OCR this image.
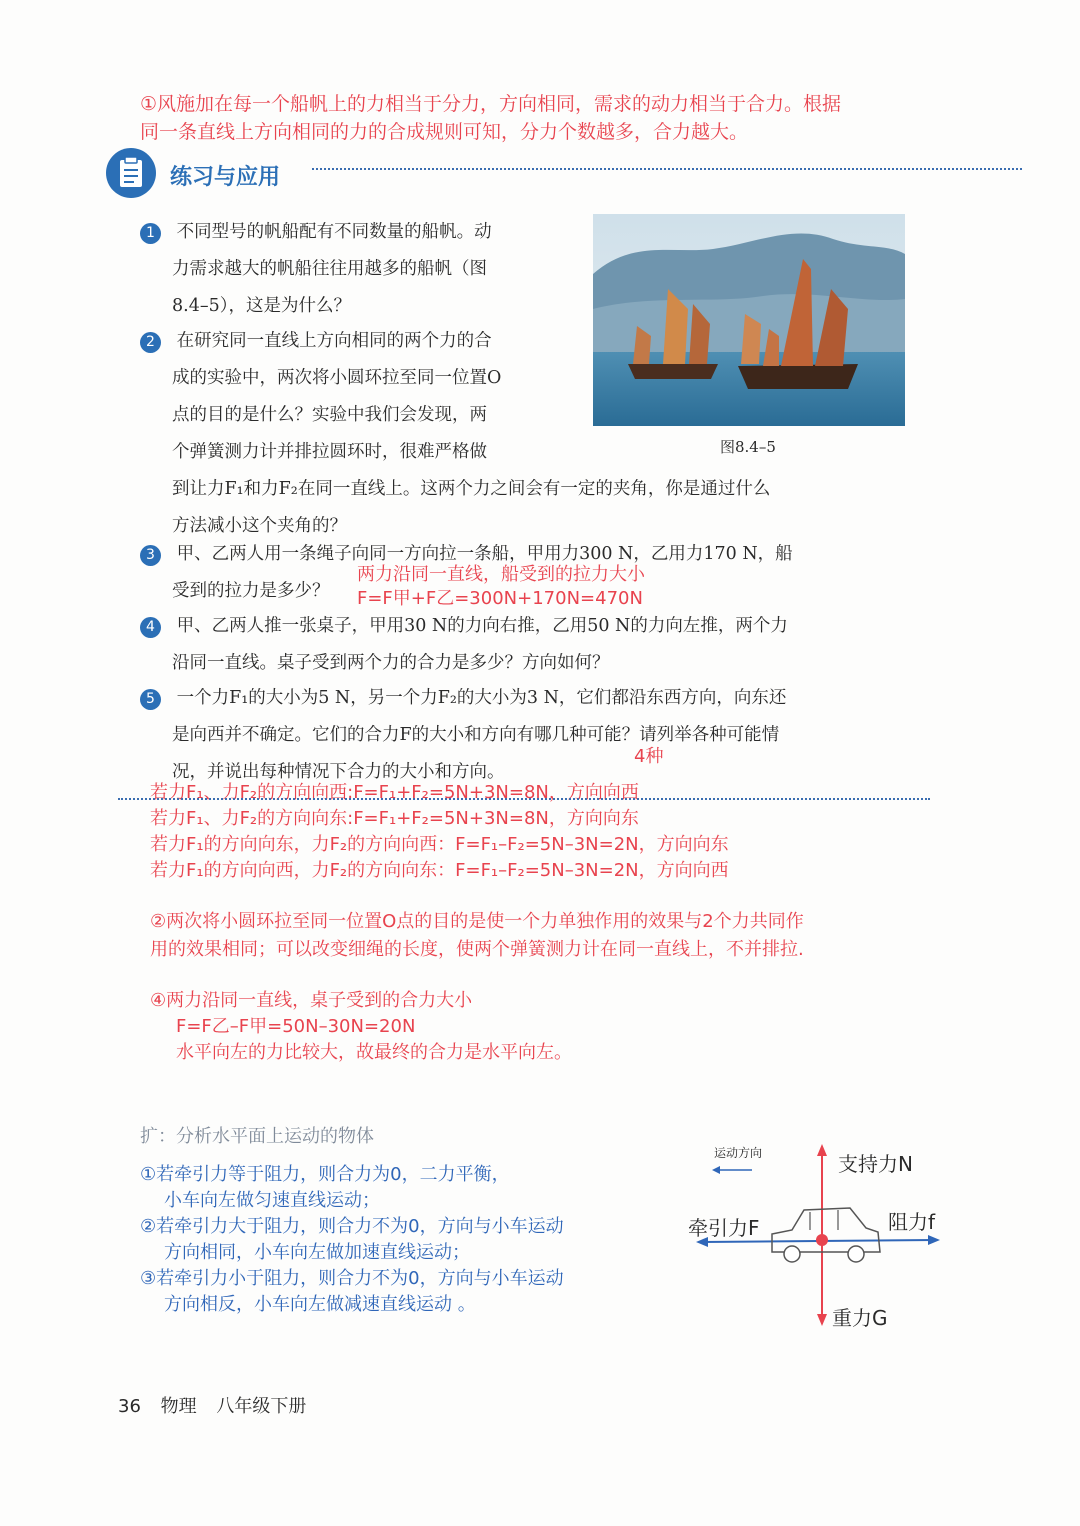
①风施加在每一个船帆上的力相当于分力，方向相同，需求的动力相当于合力。根据
同一条直线上方向相同的力的合成规则可知，分力个数越多，合力越大。
练习与应用
1 不同型号的帆船配有不同数量的船帆。动
力需求越大的帆船往往用越多的船帆（图
8.4–5），这是为什么？
2 在研究同一直线上方向相同的两个力的合
成的实验中，两次将小圆环拉至同一位置O
点的目的是什么？实验中我们会发现，两
个弹簧测力计并排拉圆环时，很难严格做
到让力F₁和力F₂在同一直线上。这两个力之间会有一定的夹角，你是通过什么
方法减小这个夹角的？
图8.4–5
3 甲、乙两人用一条绳子向同一方向拉一条船，甲用力300 N，乙用力170 N，船
受到的拉力是多少？
两力沿同一直线，船受到的拉力大小
F=F甲+F乙=300N+170N=470N
4 甲、乙两人推一张桌子，甲用30 N的力向右推，乙用50 N的力向左推，两个力
沿同一直线。桌子受到两个力的合力是多少？方向如何？
5 一个力F₁的大小为5 N，另一个力F₂的大小为3 N，它们都沿东西方向，向东还
是向西并不确定。它们的合力F的大小和方向有哪几种可能？请列举各种可能情
况，并说出每种情况下合力的大小和方向。
4种
若力F₁、力F₂的方向向西:F=F₁+F₂=5N+3N=8N，方向向西
若力F₁、力F₂的方向向东:F=F₁+F₂=5N+3N=8N，方向向东
若力F₁的方向向东，力F₂的方向向西：F=F₁–F₂=5N–3N=2N，方向向东
若力F₁的方向向西，力F₂的方向向东：F=F₁–F₂=5N–3N=2N，方向向西
②两次将小圆环拉至同一位置O点的目的是使一个力单独作用的效果与2个力共同作
用的效果相同；可以改变细绳的长度，使两个弹簧测力计在同一直线上，不并排拉.
④两力沿同一直线，桌子受到的合力大小
F=F乙–F甲=50N–30N=20N
水平向左的力比较大，故最终的合力是水平向左。
扩：分析水平面上运动的物体
①若牵引力等于阻力，则合力为0，二力平衡，
小车向左做匀速直线运动；
②若牵引力大于阻力，则合力不为0，方向与小车运动
方向相同，小车向左做加速直线运动；
③若牵引力小于阻力，则合力不为0，方向与小车运动
方向相反，小车向左做减速直线运动 。
运动方向	支持力N
牵引力F	阻力f
重力G
36 物理 八年级下册
